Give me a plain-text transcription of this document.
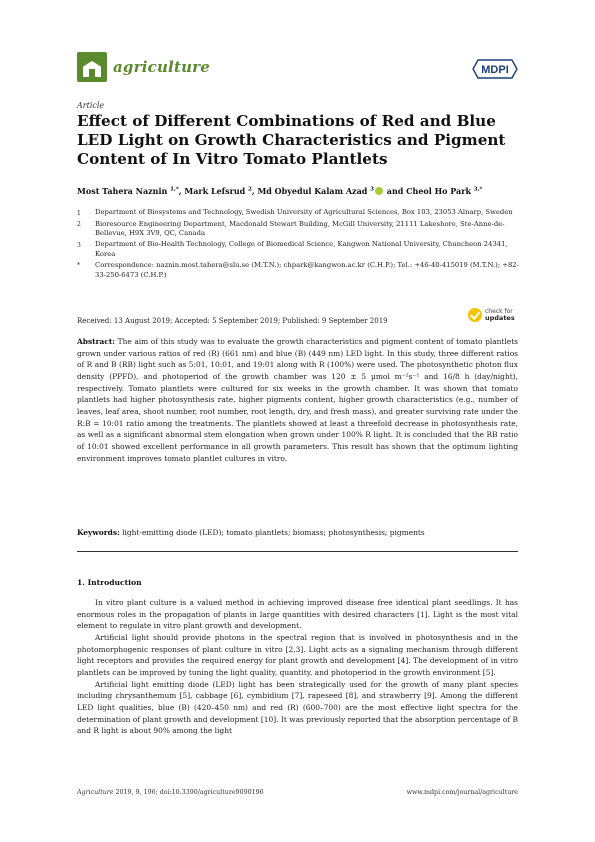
agriculture	MDPI
Article
Effect of Different Combinations of Red and Blue
LED Light on Growth Characteristics and Pigment
Content of In Vitro Tomato Plantlets
Most Tahera Naznin $^{1,*}$, Mark Lefsrud $^2$, Md Obyedul Kalam Azad $^3$ and Cheol Ho Park $^{3,*}$
1	Department of Biosystems and Technology, Swedish University of Agricultural Sciences, Box 103, 23053 Alnarp, Sweden
2	Bioresource Engineering Department, Macdonald Stewart Building, McGill University, 21111 Lakeshore, Ste-Anne-de-Bellevue, H9X 3V9, QC, Canada
3	Department of Bio-Health Technology, College of Biomedical Science, Kangwon National University, Chuncheon 24341, Korea
*	Correspondence: naznin.most.tahera@slu.se (M.T.N.); chpark@kangwon.ac.kr (C.H.P.); Tel.: +46-40-415019 (M.T.N.); +82-33-250-6473 (C.H.P.)
Received: 13 August 2019; Accepted: 5 September 2019; Published: 9 September 2019
check for
updates
Abstract: The aim of this study was to evaluate the growth characteristics and pigment content of tomato plantlets grown under various ratios of red (R) (661 nm) and blue (B) (449 nm) LED light. In this study, three different ratios of R and B (RB) light such as 5:01, 10:01, and 19:01 along with R (100%) were used. The photosynthetic photon flux density (PPFD), and photoperiod of the growth chamber was 120 ± 5 µmol m⁻²s⁻¹ and 16/8 h (day/night), respectively. Tomato plantlets were cultured for six weeks in the growth chamber. It was shown that tomato plantlets had higher photosynthesis rate, higher pigments content, higher growth characteristics (e.g., number of leaves, leaf area, shoot number, root number, root length, dry, and fresh mass), and greater surviving rate under the R:B = 10:01 ratio among the treatments. The plantlets showed at least a threefold decrease in photosynthesis rate, as well as a significant abnormal stem elongation when grown under 100% R light. It is concluded that the RB ratio of 10:01 showed excellent performance in all growth parameters. This result has shown that the optimum lighting environment improves tomato plantlet cultures in vitro.
Keywords: light-emitting diode (LED); tomato plantlets; biomass; photosynthesis; pigments
1. Introduction

In vitro plant culture is a valued method in achieving improved disease free identical plant seedlings. It has enormous roles in the propagation of plants in large quantities with desired characters [1]. Light is the most vital element to regulate in vitro plant growth and development.

Artificial light should provide photons in the spectral region that is involved in photosynthesis and in the photomorphogenic responses of plant culture in vitro [2,3]. Light acts as a signaling mechanism through different light receptors and provides the required energy for plant growth and development [4]. The development of in vitro plantlets can be improved by tuning the light quality, quantity, and photoperiod in the growth environment [5].

Artificial light emitting diode (LED) light has been strategically used for the growth of many plant species including chrysanthemum [5], cabbage [6], cymbidium [7], rapeseed [8], and strawberry [9]. Among the different LED light qualities, blue (B) (420–450 nm) and red (R) (600–700) are the most effective light spectra for the determination of plant growth and development [10]. It was previously reported that the absorption percentage of B and R light is about 90% among the light

Agriculture 2019, 9, 196; doi:10.3390/agriculture9090196	www.mdpi.com/journal/agriculture
